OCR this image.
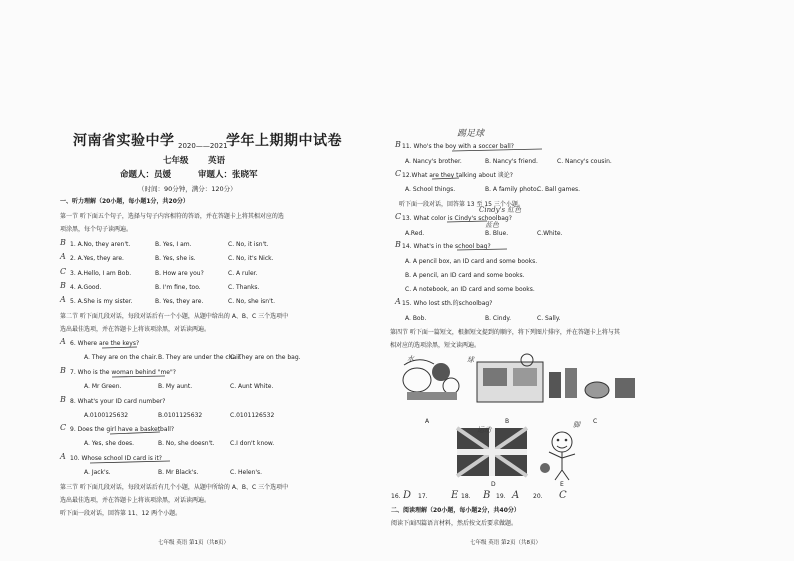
河南省实验中学 2020——2021
学年上期期中试卷
七年级 英语
命题人：员媛	审题人：张晓军
（时间：90分钟，满分：120分）
一、听力理解（20小题，每小题1分，共20分）
第一节 听下面五个句子，选择与句子内容相符的答语，并在答题卡上将其相对应的选
项涂黑，每个句子读两遍。
1. A.No, they aren't.	B. Yes, I am.	C. No, it isn't.
2. A.Yes, they are.	B. Yes, she is.	C. No, it's Nick.
3. A.Hello, I am Bob.	B. How are you?	C. A ruler.
4. A.Good.	B. I'm fine, too.	C. Thanks.
5. A.She is my sister.	B. Yes, they are.	C. No, she isn't.
第二节 听下面几段对话，每段对话后有一个小题，从题中给出的 A、B、C 三个选项中
选出最佳选项，并在答题卡上将该项涂黑，对话读两遍。
6. Where are the keys?
A. They are on the chair. B. They are under the chair.
C. They are on the bag.
7. Who is the woman behind "me"?
A. Mr Green.	B. My aunt.	C. Aunt White.
8. What's your ID card number?
A.0100125632	B.0101125632	C.0101126532
9. Does the girl have a basketball?
A. Yes, she does.	B. No, she doesn't.	C.I don't know.
10. Whose school ID card is it?
A. Jack's.	B. Mr Black's.	C. Helen's.
第三节 听下面几段对话，每段对话后有几个小题，从题中所给的 A、B、C 三个选项中
选出最佳选项，并在答题卡上将该项涂黑，对话读两遍。
听下面一段对话，回答第 11、12 两个小题。
七年级 英语 第1页（共8页）
B
A
C
B
A
A
B
B
C
A
踢足球
11. Who's the boy with a soccer ball?
A. Nancy's brother.	B. Nancy's friend.	C. Nancy's cousin.
12.What are they talking about 谈论?
A. School things.	B. A family photo.
C. Ball games.
听下面一段对话，回答第 13 至 15 三个小题。
13. What color is Cindy's schoolbag?
Cindy's 紅色
A.Red.	B. Blue.
蓝色
C.White.
14. What's in the school bag?
A. A pencil box, an ID card and some books.
B. A pencil, an ID card and some books.
C. A notebook, an ID card and some books.
15. Who lost sth.的schoolbag?
A. Bob.	B. Cindy.	C. Sally.
第四节 听下面一篇短文，根据短文提到的顺序，将下列图片排序，并在答题卡上将与其
相对应的选项涂黑，短文读两遍。
B
C
C
B
A
A	B	C
D	E
16. D 17. E 18. B 19. A 20. C
二、阅读理解（20小题，每小题2分，共40分）
阅读下面四篇语言材料，然后按文后要求做题。
七年级 英语 第2页（共8页）
球
运动
水
脚
